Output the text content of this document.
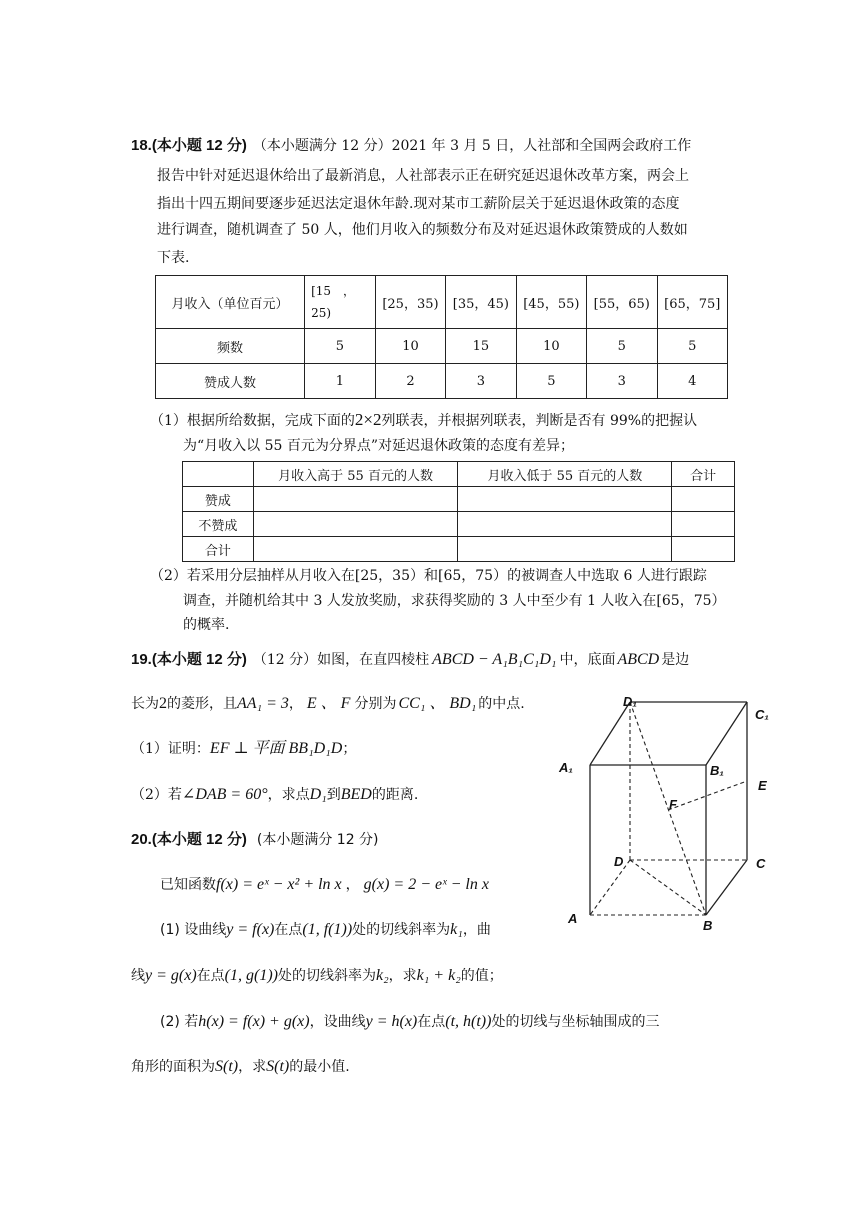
18.(本小题 12 分) （本小题满分 12 分）2021 年 3 月 5 日，人社部和全国两会政府工作
报告中针对延迟退休给出了最新消息，人社部表示正在研究延迟退休改革方案，两会上
指出十四五期间要逐步延迟法定退休年龄.现对某市工薪阶层关于延迟退休政策的态度
进行调查，随机调查了 50 人，他们月收入的频数分布及对延迟退休政策赞成的人数如
下表.
月收入（单位百元）	[15　，25)	[25，35)	[35，45)	[45，55)	[55，65)	[65，75]
频数	5	10	15	10	5	5
赞成人数	1	2	3	5	3	4
（1）根据所给数据，完成下面的2×2列联表，并根据列联表，判断是否有 99%的把握认
为“月收入以 55 百元为分界点”对延迟退休政策的态度有差异；
	月收入高于 55 百元的人数	月收入低于 55 百元的人数	合计
赞成			
不赞成			
合计			
（2）若采用分层抽样从月收入在[25，35）和[65，75）的被调查人中选取 6 人进行跟踪
调查，并随机给其中 3 人发放奖励，求获得奖励的 3 人中至少有 1 人收入在[65，75）
的概率.
19.(本小题 12 分) （12 分）如图，在直四棱柱 ABCD − A₁B₁C₁D₁ 中，底面 ABCD 是边
长为2的菱形，且AA₁ = 3， E 、 F 分别为 CC₁ 、 BD₁ 的中点.
（1）证明：EF ⊥ 平面 BB₁D₁D；
（2）若∠DAB = 60°，求点D₁到BED的距离.
D₁
C₁
A₁	B₁
E
F
D	C
A	B
20.(本小题 12 分) (本小题满分 12 分)
已知函数f(x) = eˣ − x² + ln x ， g(x) = 2 − eˣ − ln x
(1) 设曲线y = f(x)在点(1, f(1))处的切线斜率为k₁，曲
线y = g(x)在点(1, g(1))处的切线斜率为k₂，求k₁ + k₂的值；
(2) 若h(x) = f(x) + g(x)，设曲线y = h(x)在点(t, h(t))处的切线与坐标轴围成的三
角形的面积为S(t)，求S(t)的最小值.
